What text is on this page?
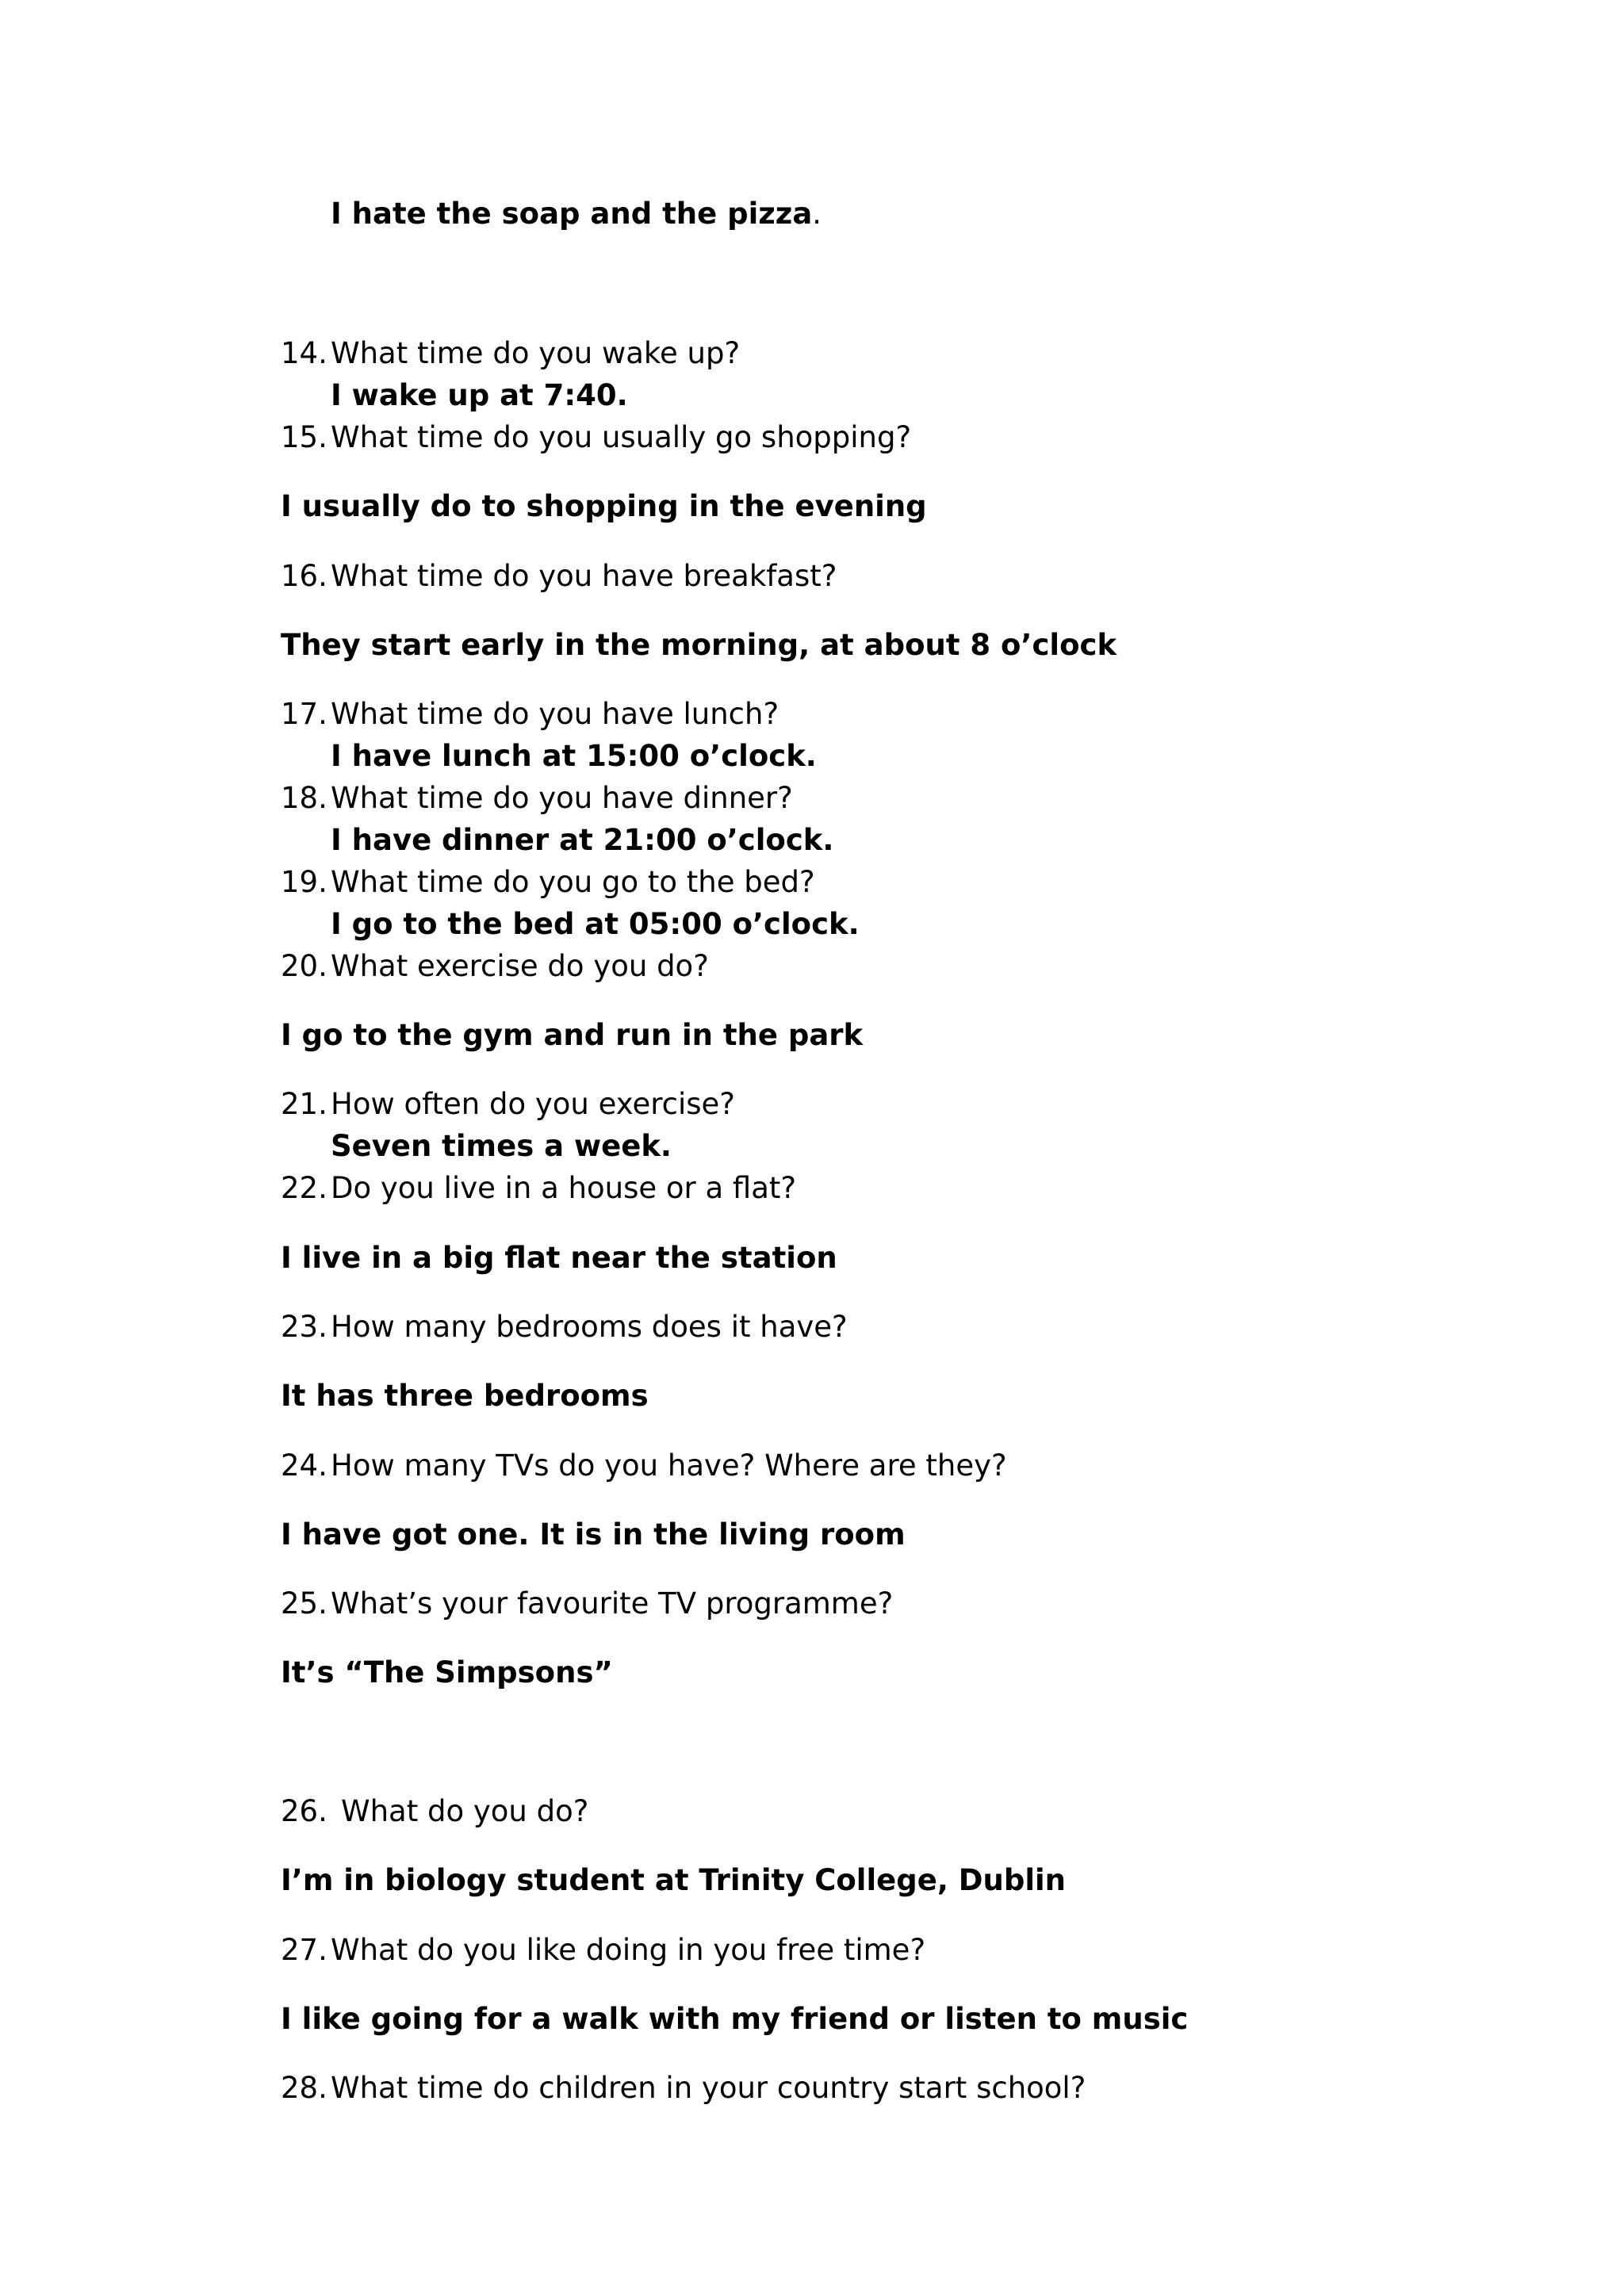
I hate the soap and the pizza.
14. What time do you wake up?
I wake up at 7:40.
15. What time do you usually go shopping?
I usually do to shopping in the evening
16. What time do you have breakfast?
They start early in the morning, at about 8 o’clock
17. What time do you have lunch?
I have lunch at 15:00 o’clock.
18. What time do you have dinner?
I have dinner at 21:00 o’clock.
19. What time do you go to the bed?
I go to the bed at 05:00 o’clock.
20. What exercise do you do?
I go to the gym and run in the park
21. How often do you exercise?
Seven times a week.
22. Do you live in a house or a flat?
I live in a big flat near the station
23. How many bedrooms does it have?
It has three bedrooms
24. How many TVs do you have? Where are they?
I have got one. It is in the living room
25. What’s your favourite TV programme?
It’s “The Simpsons”
26. What do you do?
I’m in biology student at Trinity College, Dublin
27. What do you like doing in you free time?
I like going for a walk with my friend or listen to music
28. What time do children in your country start school?
